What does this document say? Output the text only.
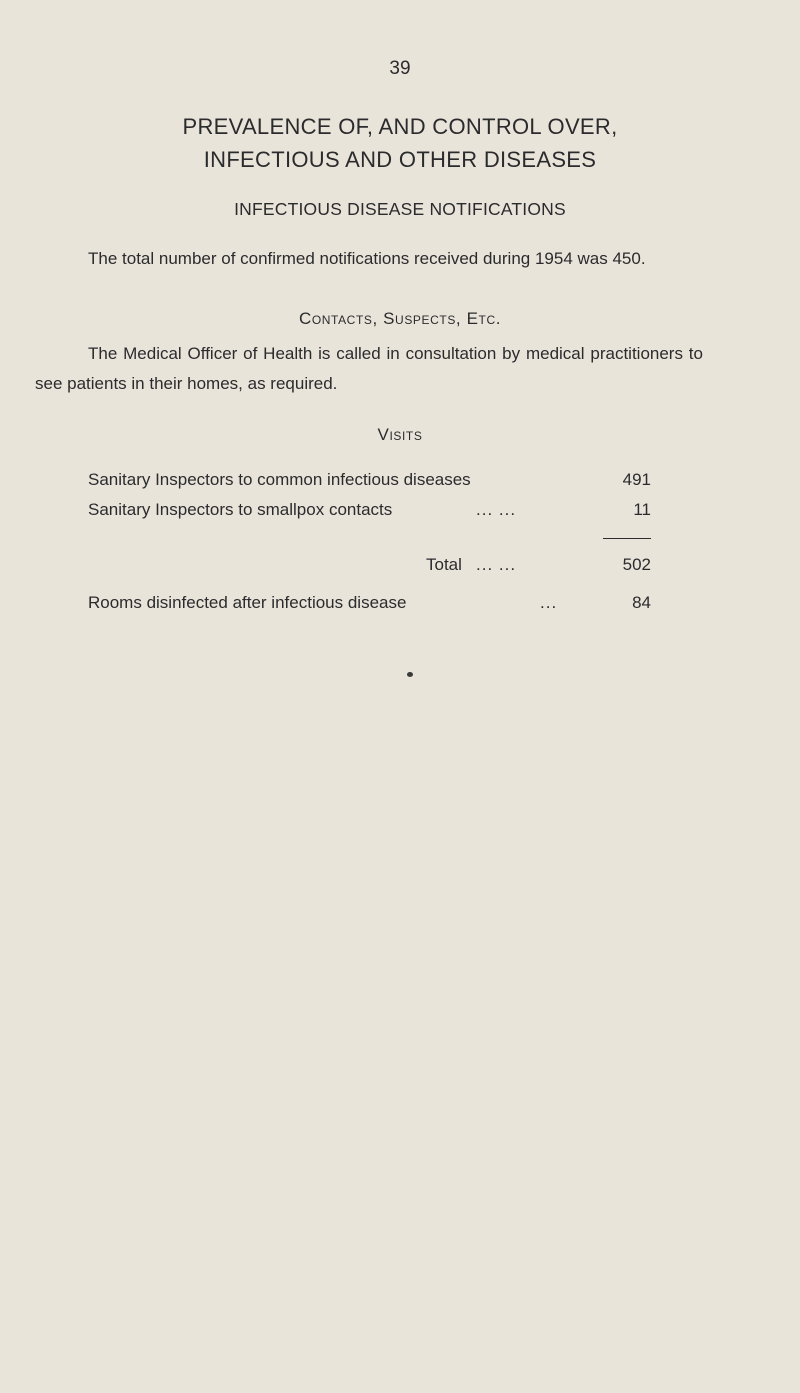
39
PREVALENCE OF, AND CONTROL OVER,
INFECTIOUS AND OTHER DISEASES
INFECTIOUS DISEASE NOTIFICATIONS

The total number of confirmed notifications received during 1954 was 450.

Contacts, Suspects, Etc.

The Medical Officer of Health is called in consultation by medical practitioners to see patients in their homes, as required.

Visits
Sanitary Inspectors to common infectious diseases	491
Sanitary Inspectors to smallpox contacts	... ...	11
Total ... ...	502
Rooms disinfected after infectious disease	...	84
